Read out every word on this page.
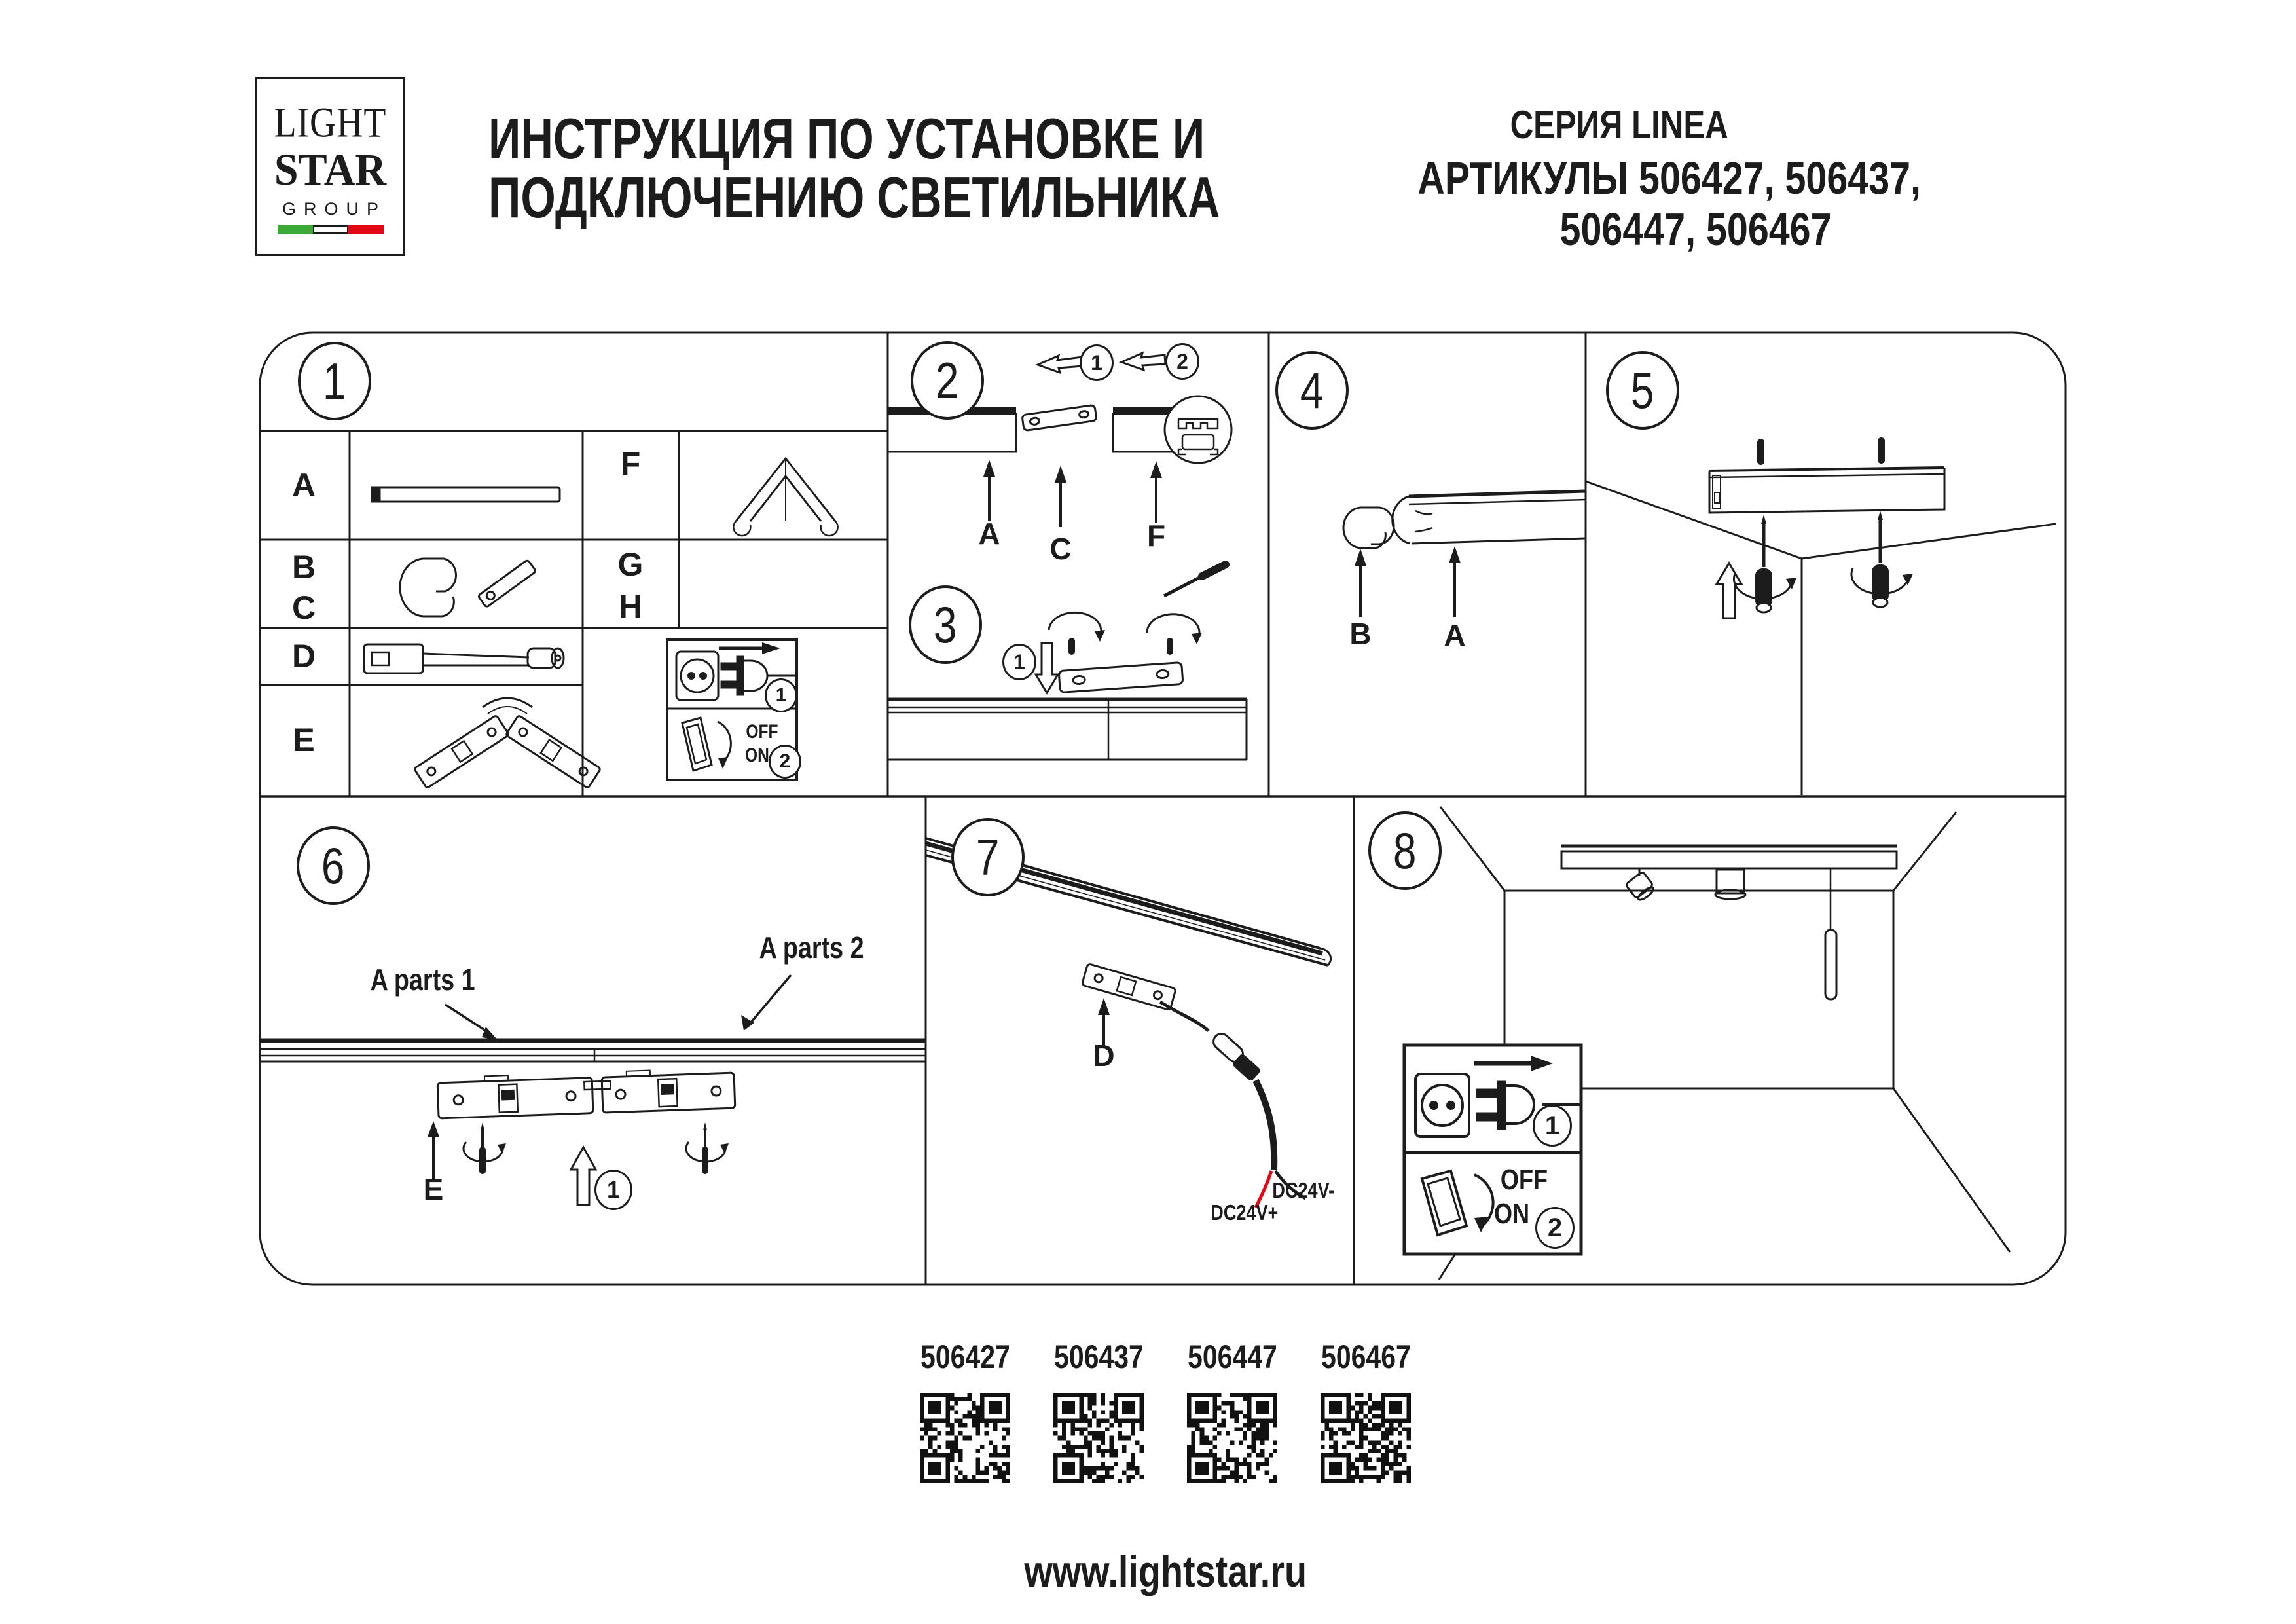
LIGHT
STAR
GROUP
ИНСТРУКЦИЯ ПО УСТАНОВКЕ И
ПОДКЛЮЧЕНИЮ СВЕТИЛЬНИКА
СЕРИЯ LINEA
АРТИКУЛЫ 506427, 506437,
506447, 506467
1	2
3
4	5
6	7	8
A
B
C
D
E
F
G
H
A C	F
B A
A parts 1
A parts 2
E
D
DC24V-
DC24V+
1
2
1	2
1
1
1
2
OFF
ON
OFF
ON
506427 506437 506447 506467
www.lightstar.ru
